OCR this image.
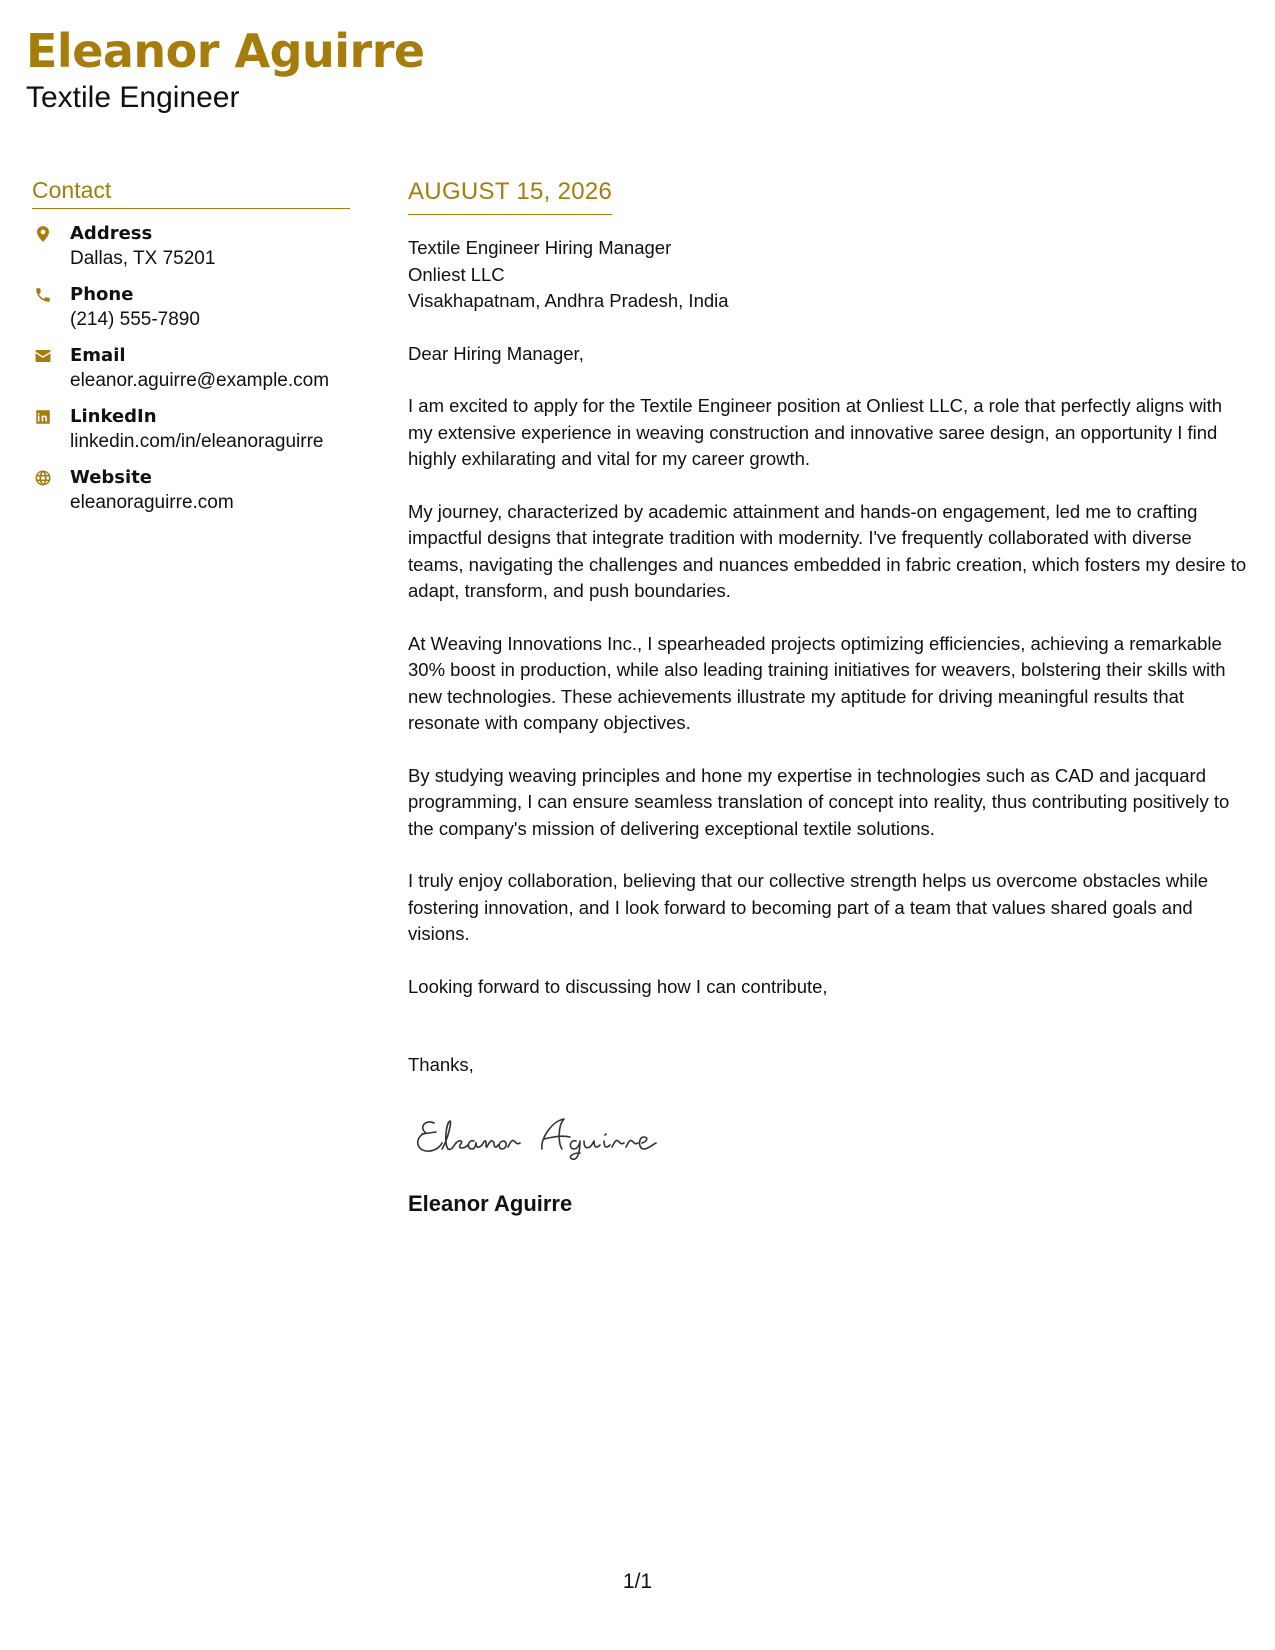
Eleanor Aguirre
Textile Engineer
Contact
Address
Dallas, TX 75201
Phone
(214) 555-7890
Email
eleanor.aguirre@example.com
LinkedIn
linkedin.com/in/eleanoraguirre
Website
eleanoraguirre.com
AUGUST 15, 2026
Textile Engineer Hiring Manager
Onliest LLC
Visakhapatnam, Andhra Pradesh, India

Dear Hiring Manager,

I am excited to apply for the Textile Engineer position at Onliest LLC, a role that perfectly aligns with my extensive experience in weaving construction and innovative saree design, an opportunity I find highly exhilarating and vital for my career growth.

My journey, characterized by academic attainment and hands-on engagement, led me to crafting impactful designs that integrate tradition with modernity. I've frequently collaborated with diverse teams, navigating the challenges and nuances embedded in fabric creation, which fosters my desire to adapt, transform, and push boundaries.

At Weaving Innovations Inc., I spearheaded projects optimizing efficiencies, achieving a remarkable 30% boost in production, while also leading training initiatives for weavers, bolstering their skills with new technologies. These achievements illustrate my aptitude for driving meaningful results that resonate with company objectives.

By studying weaving principles and hone my expertise in technologies such as CAD and jacquard programming, I can ensure seamless translation of concept into reality, thus contributing positively to the company's mission of delivering exceptional textile solutions.

I truly enjoy collaboration, believing that our collective strength helps us overcome obstacles while fostering innovation, and I look forward to becoming part of a team that values shared goals and visions.

Looking forward to discussing how I can contribute,

Thanks,

Eleanor Aguirre
1/1
